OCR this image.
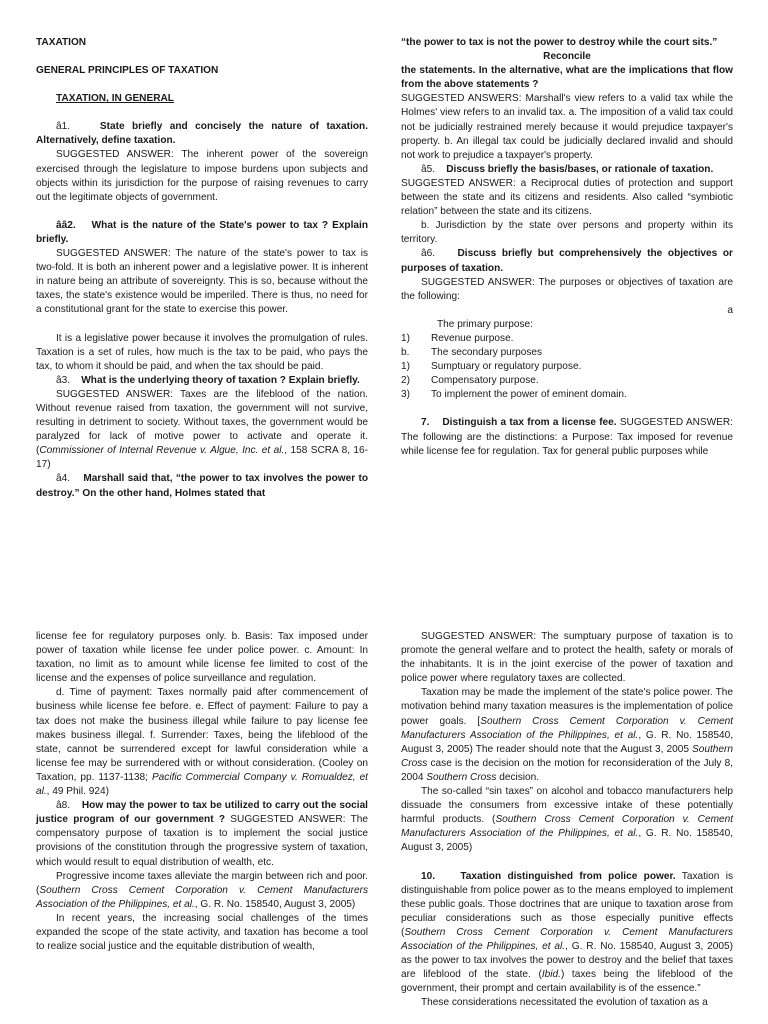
TAXATION

GENERAL PRINCIPLES OF TAXATION

TAXATION, IN GENERAL

â1.	State briefly and concisely the nature of taxation. Alternatively, define taxation.

SUGGESTED ANSWER: The inherent power of the sovereign exercised through the legislature to impose burdens upon subjects and objects within its jurisdiction for the purpose of raising revenues to carry out the legitimate objects of government.

ââ2. What is the nature of the State's power to tax ? Explain briefly.

SUGGESTED ANSWER: The nature of the state's power to tax is two-fold. It is both an inherent power and a legislative power. It is inherent in nature being an attribute of sovereignty. This is so, because without the taxes, the state's existence would be imperiled. There is thus, no need for a constitutional grant for the state to exercise this power.

It is a legislative power because it involves the promulgation of rules. Taxation is a set of rules, how much is the tax to be paid, who pays the tax, to whom it should be paid, and when the tax should be paid.

â3. What is the underlying theory of taxation ? Explain briefly.

SUGGESTED ANSWER: Taxes are the lifeblood of the nation. Without revenue raised from taxation, the government will not survive, resulting in detriment to society. Without taxes, the government would be paralyzed for lack of motive power to activate and operate it. (Commissioner of Internal Revenue v. Algue, Inc. et al., 158 SCRA 8, 16-17)

â4. Marshall said that, “the power to tax involves the power to destroy.” On the other hand, Holmes stated that

“the power to tax is not the power to destroy while the court sits.”

Reconcile
the statements. In the alternative, what are the implications that flow from the above statements ?

SUGGESTED ANSWERS: Marshall's view refers to a valid tax while the Holmes' view refers to an invalid tax. a. The imposition of a valid tax could not be judicially restrained merely because it would prejudice taxpayer's property. b. An illegal tax could be judicially declared invalid and should not work to prejudice a taxpayer's property.

â5. Discuss briefly the basis/bases, or rationale of taxation.

SUGGESTED ANSWER: a Reciprocal duties of protection and support between the state and its citizens and residents. Also called “symbiotic relation” between the state and its citizens.

b. Jurisdiction by the state over persons and property within its territory.

â6. Discuss briefly but comprehensively the objectives or purposes of taxation.

SUGGESTED ANSWER: The purposes or objectives of taxation are the following:

a

The primary purpose:

1)	Revenue purpose.
b.	The secondary purposes
1)	Sumptuary or regulatory purpose.
2)	Compensatory purpose.
3)	To implement the power of eminent domain.

7. Distinguish a tax from a license fee. SUGGESTED ANSWER: The following are the distinctions: a Purpose: Tax imposed for revenue while license fee for regulation. Tax for general public purposes while

license fee for regulatory purposes only. b. Basis: Tax imposed under power of taxation while license fee under police power. c. Amount: In taxation, no limit as to amount while license fee limited to cost of the license and the expenses of police surveillance and regulation.

d. Time of payment: Taxes normally paid after commencement of business while license fee before. e. Effect of payment: Failure to pay a tax does not make the business illegal while failure to pay license fee makes business illegal. f. Surrender: Taxes, being the lifeblood of the state, cannot be surrendered except for lawful consideration while a license fee may be surrendered with or without consideration. (Cooley on Taxation, pp. 1137-1138; Pacific Commercial Company v. Romualdez, et al., 49 Phil. 924)

â8. How may the power to tax be utilized to carry out the social justice program of our government ? SUGGESTED ANSWER: The compensatory purpose of taxation is to implement the social justice provisions of the constitution through the progressive system of taxation, which would result to equal distribution of wealth, etc.

Progressive income taxes alleviate the margin between rich and poor. (Southern Cross Cement Corporation v. Cement Manufacturers Association of the Philippines, et al., G. R. No. 158540, August 3, 2005)

In recent years, the increasing social challenges of the times expanded the scope of the state activity, and taxation has become a tool to realize social justice and the equitable distribution of wealth,

SUGGESTED ANSWER: The sumptuary purpose of taxation is to promote the general welfare and to protect the health, safety or morals of the inhabitants. It is in the joint exercise of the power of taxation and police power where regulatory taxes are collected.

Taxation may be made the implement of the state's police power. The motivation behind many taxation measures is the implementation of police power goals. [Southern Cross Cement Corporation v. Cement Manufacturers Association of the Philippines, et al., G. R. No. 158540, August 3, 2005) The reader should note that the August 3, 2005 Southern Cross case is the decision on the motion for reconsideration of the July 8, 2004 Southern Cross decision.

The so-called “sin taxes” on alcohol and tobacco manufacturers help dissuade the consumers from excessive intake of these potentially harmful products. (Southern Cross Cement Corporation v. Cement Manufacturers Association of the Philippines, et al., G. R. No. 158540, August 3, 2005)

10.	Taxation distinguished from police power. Taxation is distinguishable from police power as to the means employed to implement these public goals. Those doctrines that are unique to taxation arose from peculiar considerations such as those especially punitive effects (Southern Cross Cement Corporation v. Cement Manufacturers Association of the Philippines, et al., G. R. No. 158540, August 3, 2005) as the power to tax involves the power to destroy and the belief that taxes are lifeblood of the state. (Ibid.) taxes being the lifeblood of the government, their prompt and certain availability is of the essence.”

These considerations necessitated the evolution of taxation as a
